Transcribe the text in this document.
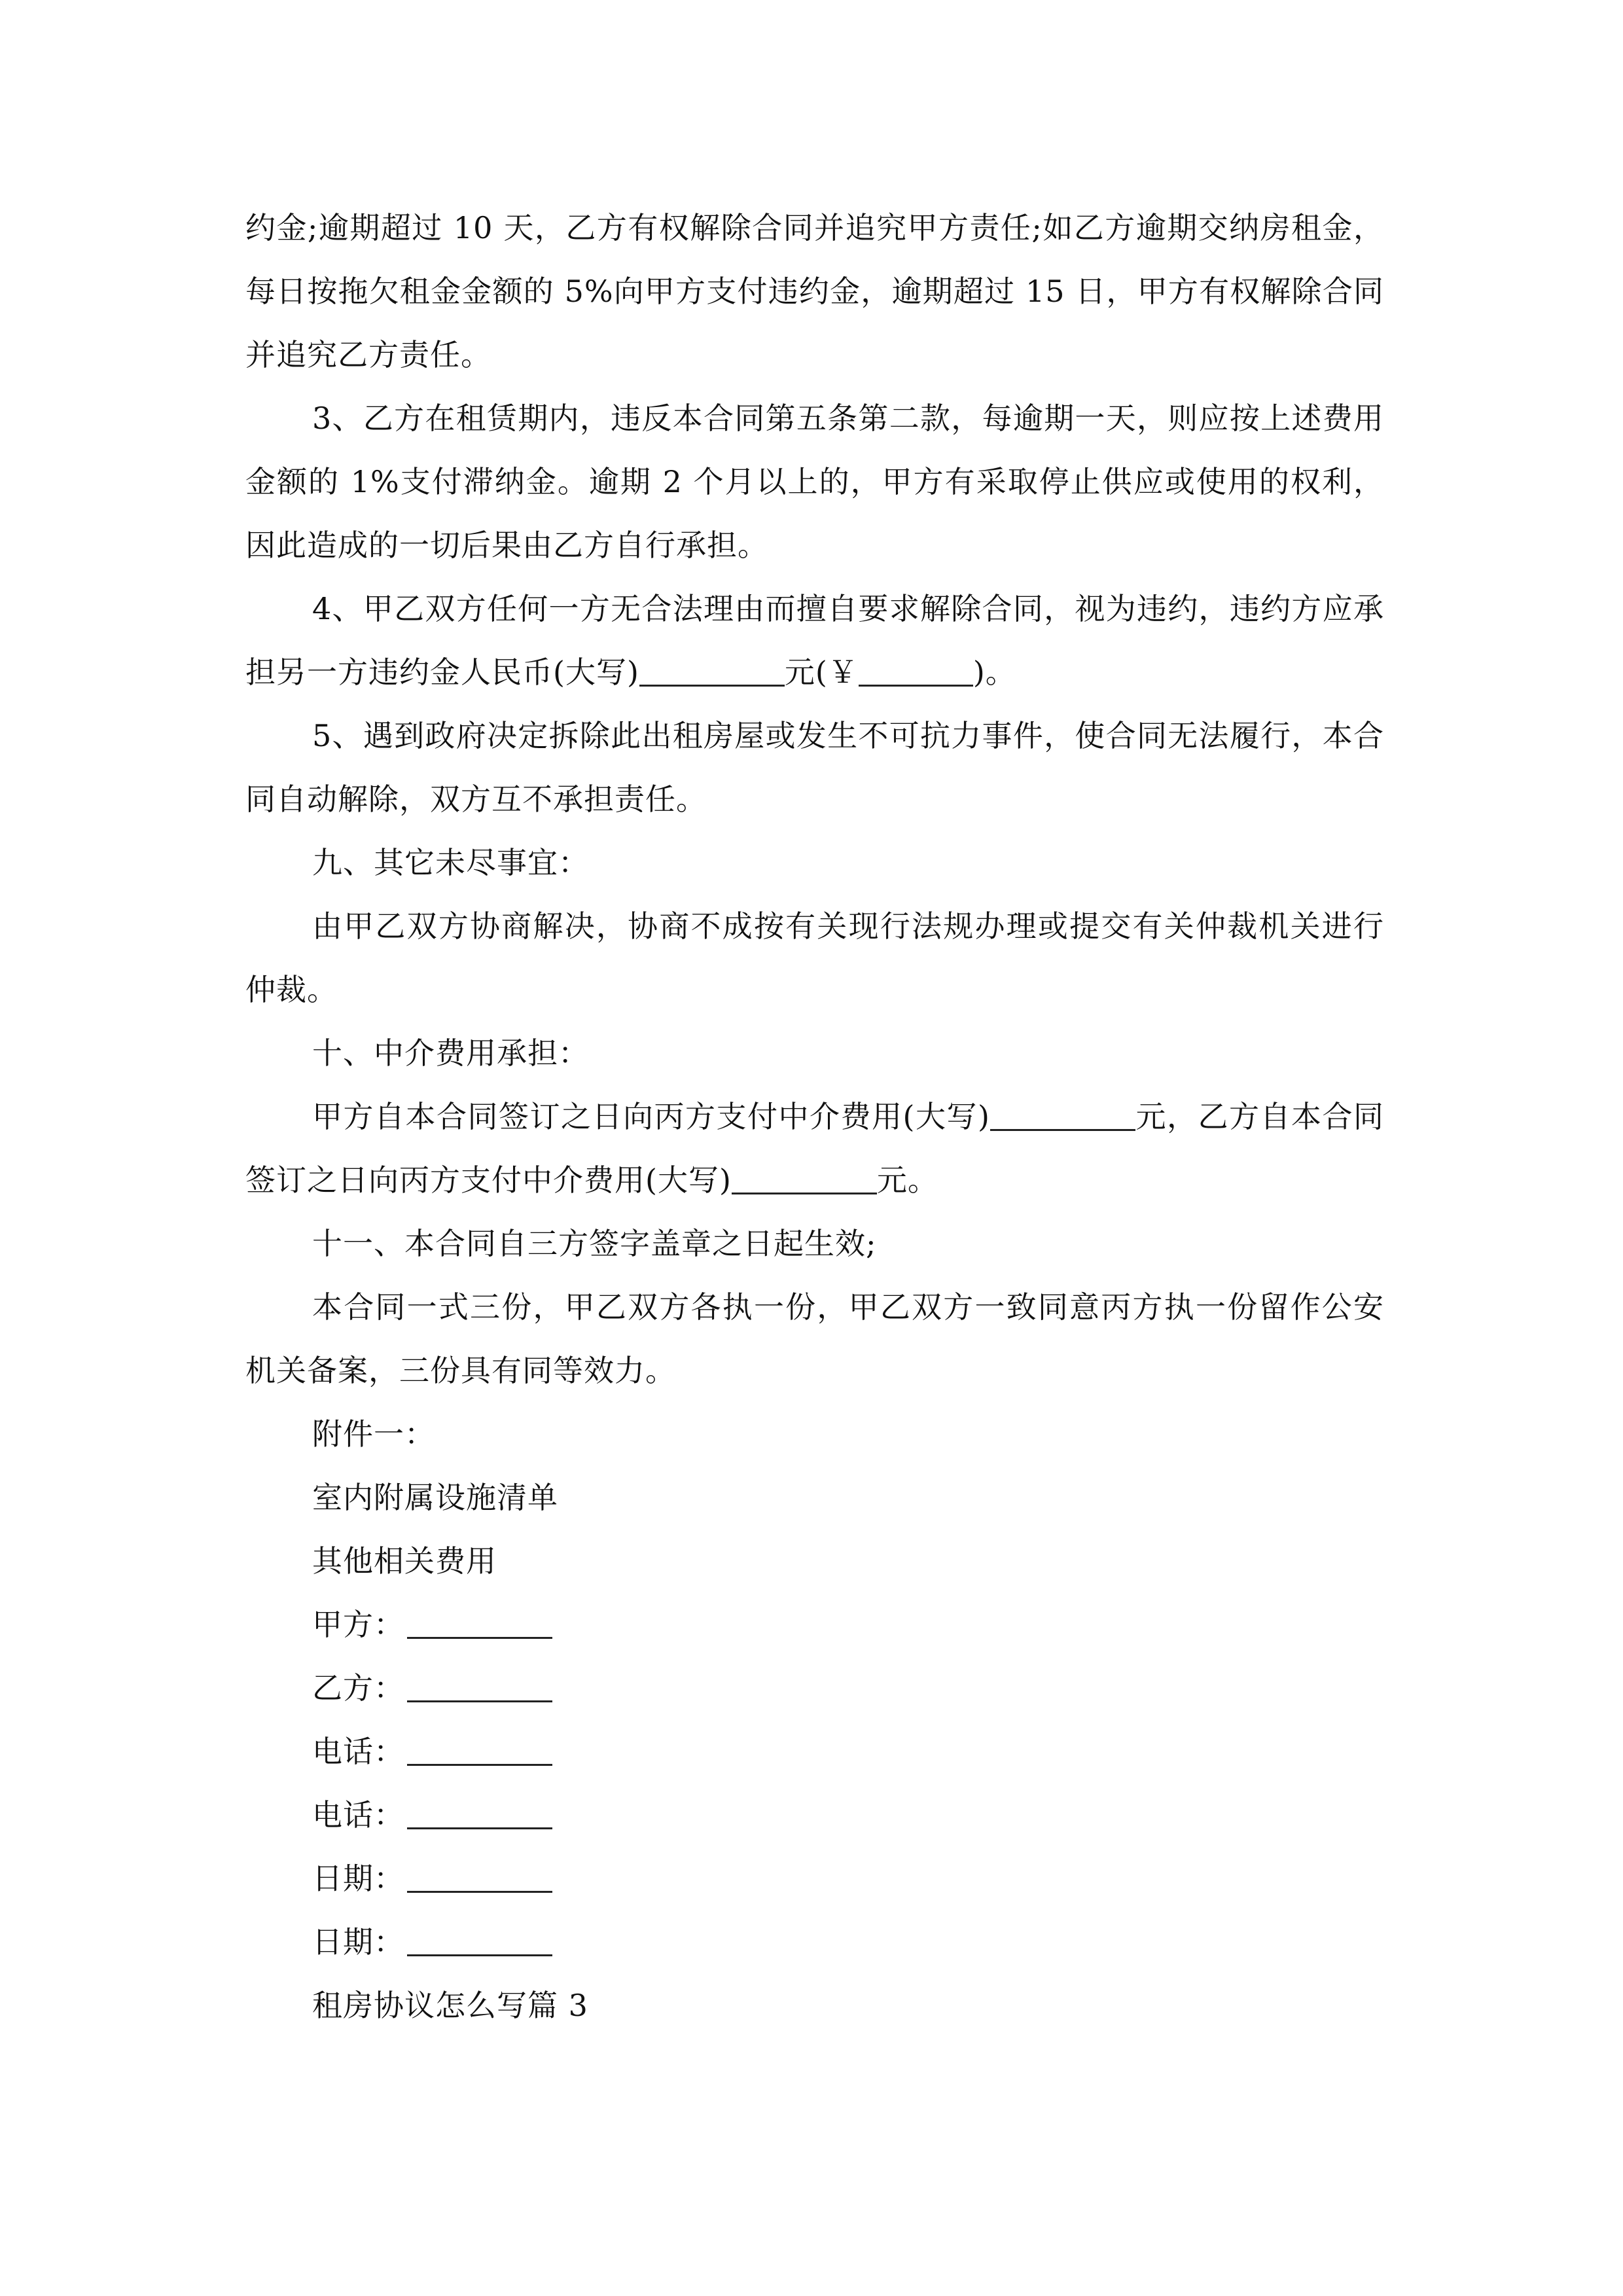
约金;逾期超过 10 天，乙方有权解除合同并追究甲方责任;如乙方逾期交纳房租金，每日按拖欠租金金额的 5%向甲方支付违约金，逾期超过 15 日，甲方有权解除合同并追究乙方责任。

3、乙方在租赁期内，违反本合同第五条第二款，每逾期一天，则应按上述费用金额的 1%支付滞纳金。逾期 2 个月以上的，甲方有采取停止供应或使用的权利，因此造成的一切后果由乙方自行承担。

4、甲乙双方任何一方无合法理由而擅自要求解除合同，视为违约，违约方应承担另一方违约金人民币(大写)	元(￥	)。

5、遇到政府决定拆除此出租房屋或发生不可抗力事件，使合同无法履行，本合同自动解除，双方互不承担责任。

九、其它未尽事宜：

由甲乙双方协商解决，协商不成按有关现行法规办理或提交有关仲裁机关进行仲裁。

十、中介费用承担：

甲方自本合同签订之日向丙方支付中介费用(大写)	元，乙方自本合同签订之日向丙方支付中介费用(大写)	元。

十一、本合同自三方签字盖章之日起生效;

本合同一式三份，甲乙双方各执一份，甲乙双方一致同意丙方执一份留作公安机关备案，三份具有同等效力。

附件一：

室内附属设施清单

其他相关费用

甲方：

乙方：

电话：

电话：

日期：

日期：

租房协议怎么写篇 3
